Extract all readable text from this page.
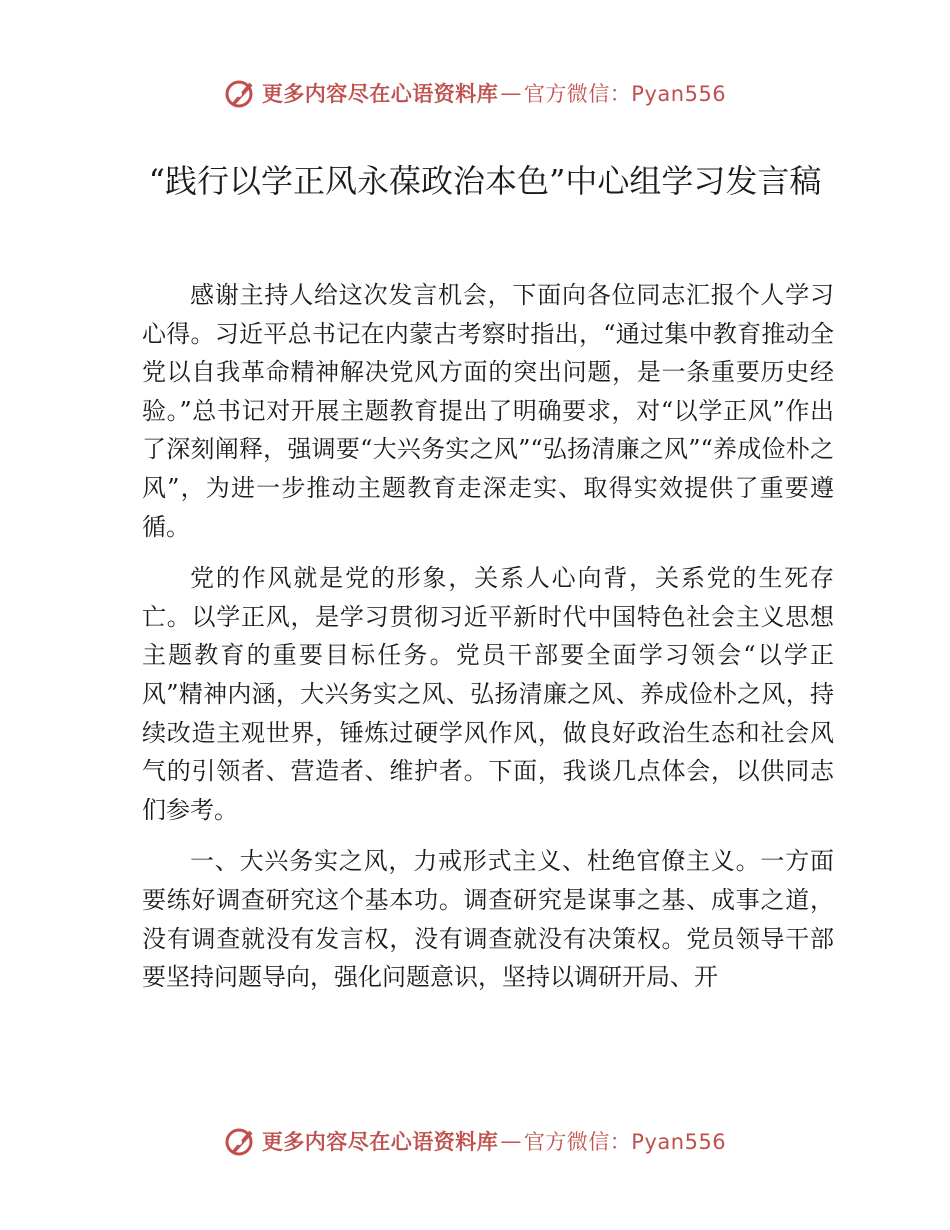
更多内容尽在心语资料库 — 官方微信：Pyan556
“践行以学正风永葆政治本色”中心组学习发言稿

感谢主持人给这次发言机会，下面向各位同志汇报个人学习心得。习近平总书记在内蒙古考察时指出，“通过集中教育推动全党以自我革命精神解决党风方面的突出问题，是一条重要历史经验。”总书记对开展主题教育提出了明确要求，对“以学正风”作出了深刻阐释，强调要“大兴务实之风”“弘扬清廉之风”“养成俭朴之风”，为进一步推动主题教育走深走实、取得实效提供了重要遵循。

党的作风就是党的形象，关系人心向背，关系党的生死存亡。以学正风，是学习贯彻习近平新时代中国特色社会主义思想主题教育的重要目标任务。党员干部要全面学习领会“以学正风”精神内涵，大兴务实之风、弘扬清廉之风、养成俭朴之风，持续改造主观世界，锤炼过硬学风作风，做良好政治生态和社会风气的引领者、营造者、维护者。下面，我谈几点体会，以供同志们参考。

一、大兴务实之风，力戒形式主义、杜绝官僚主义。一方面要练好调查研究这个基本功。调查研究是谋事之基、成事之道，没有调查就没有发言权，没有调查就没有决策权。党员领导干部要坚持问题导向，强化问题意识，坚持以调研开局、开

更多内容尽在心语资料库 — 官方微信：Pyan556
